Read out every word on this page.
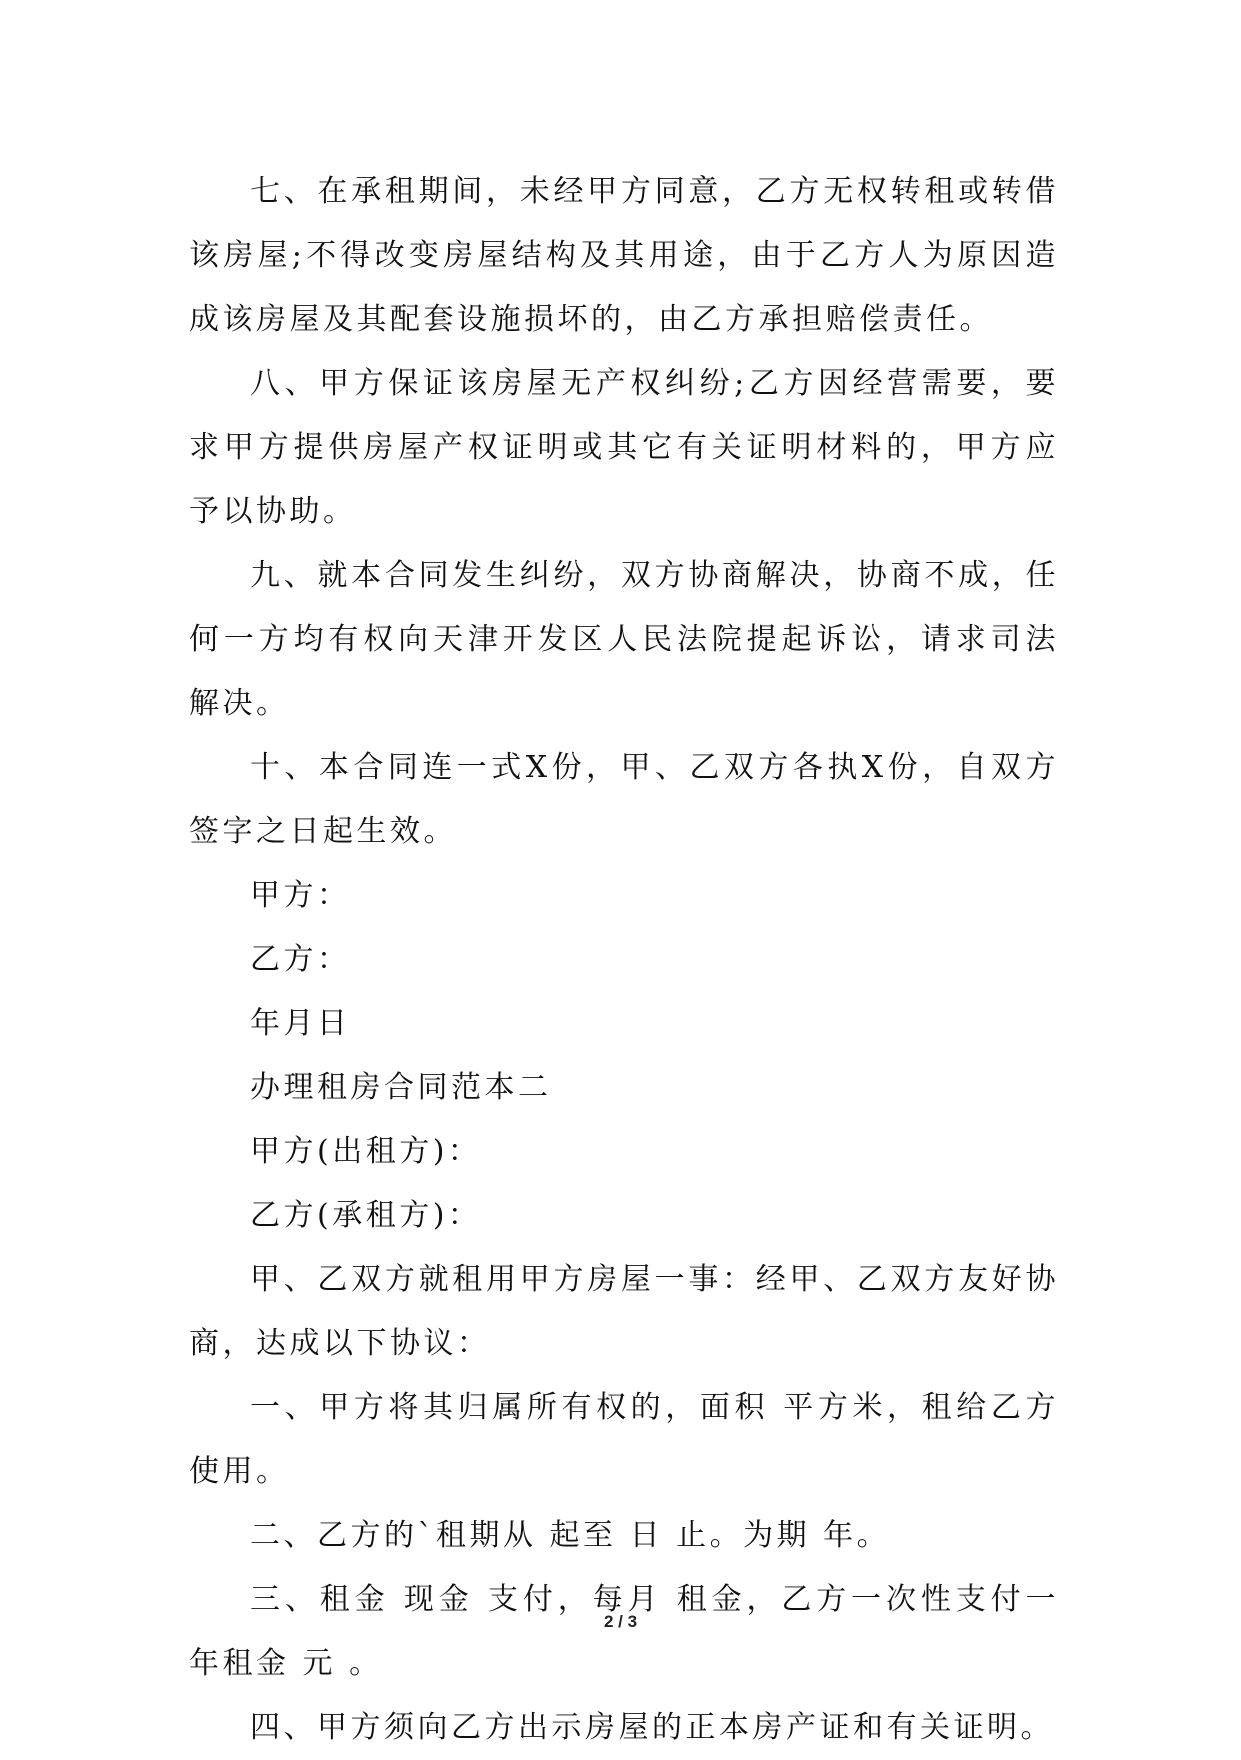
七、在承租期间，未经甲方同意，乙方无权转租或转借该房屋;不得改变房屋结构及其用途，由于乙方人为原因造成该房屋及其配套设施损坏的，由乙方承担赔偿责任。

八、甲方保证该房屋无产权纠纷;乙方因经营需要，要求甲方提供房屋产权证明或其它有关证明材料的，甲方应予以协助。

九、就本合同发生纠纷，双方协商解决，协商不成，任何一方均有权向天津开发区人民法院提起诉讼，请求司法解决。

十、本合同连一式X份，甲、乙双方各执X份，自双方签字之日起生效。

甲方：

乙方：

年月日

办理租房合同范本二

甲方(出租方)：

乙方(承租方)：

甲、乙双方就租用甲方房屋一事：经甲、乙双方友好协商，达成以下协议：

一、甲方将其归属所有权的，面积 平方米，租给乙方使用。

二、乙方的`租期从 起至 日 止。为期 年。

三、租金 现金 支付，每月 租金，乙方一次性支付一年租金 元 。

四、甲方须向乙方出示房屋的正本房产证和有关证明。

2 / 3
